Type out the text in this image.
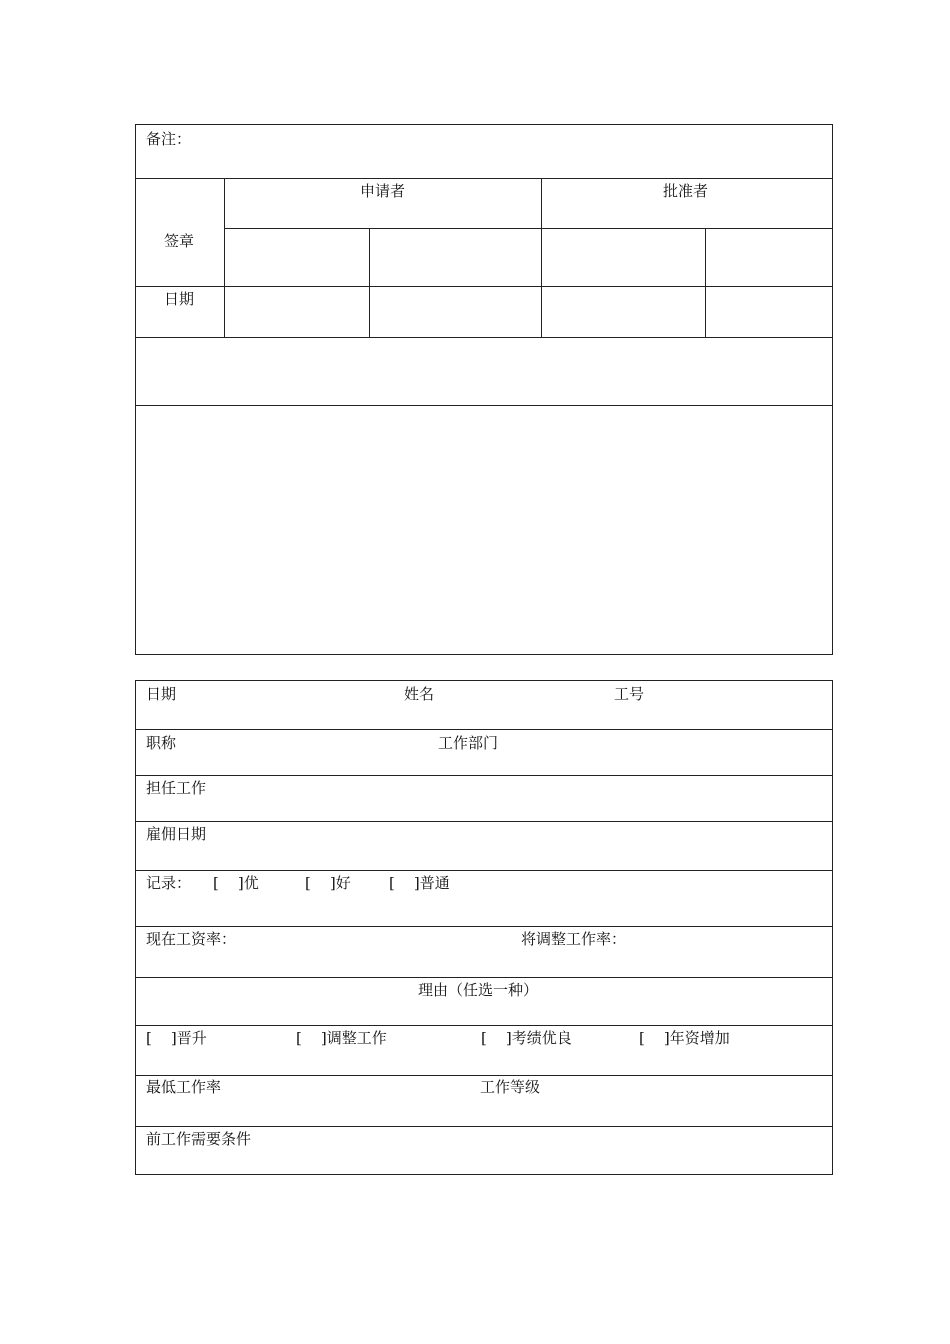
备注：
申请者	批准者
签章
日期
日期	姓名	工号
职称	工作部门
担任工作
雇佣日期
记录： [    ]优	[    ]好	[    ]普通
现在工资率：	将调整工作率：
理由（任选一种）
[    ]晋升	[    ]调整工作	[    ]考绩优良	[    ]年资增加
最低工作率	工作等级
前工作需要条件
